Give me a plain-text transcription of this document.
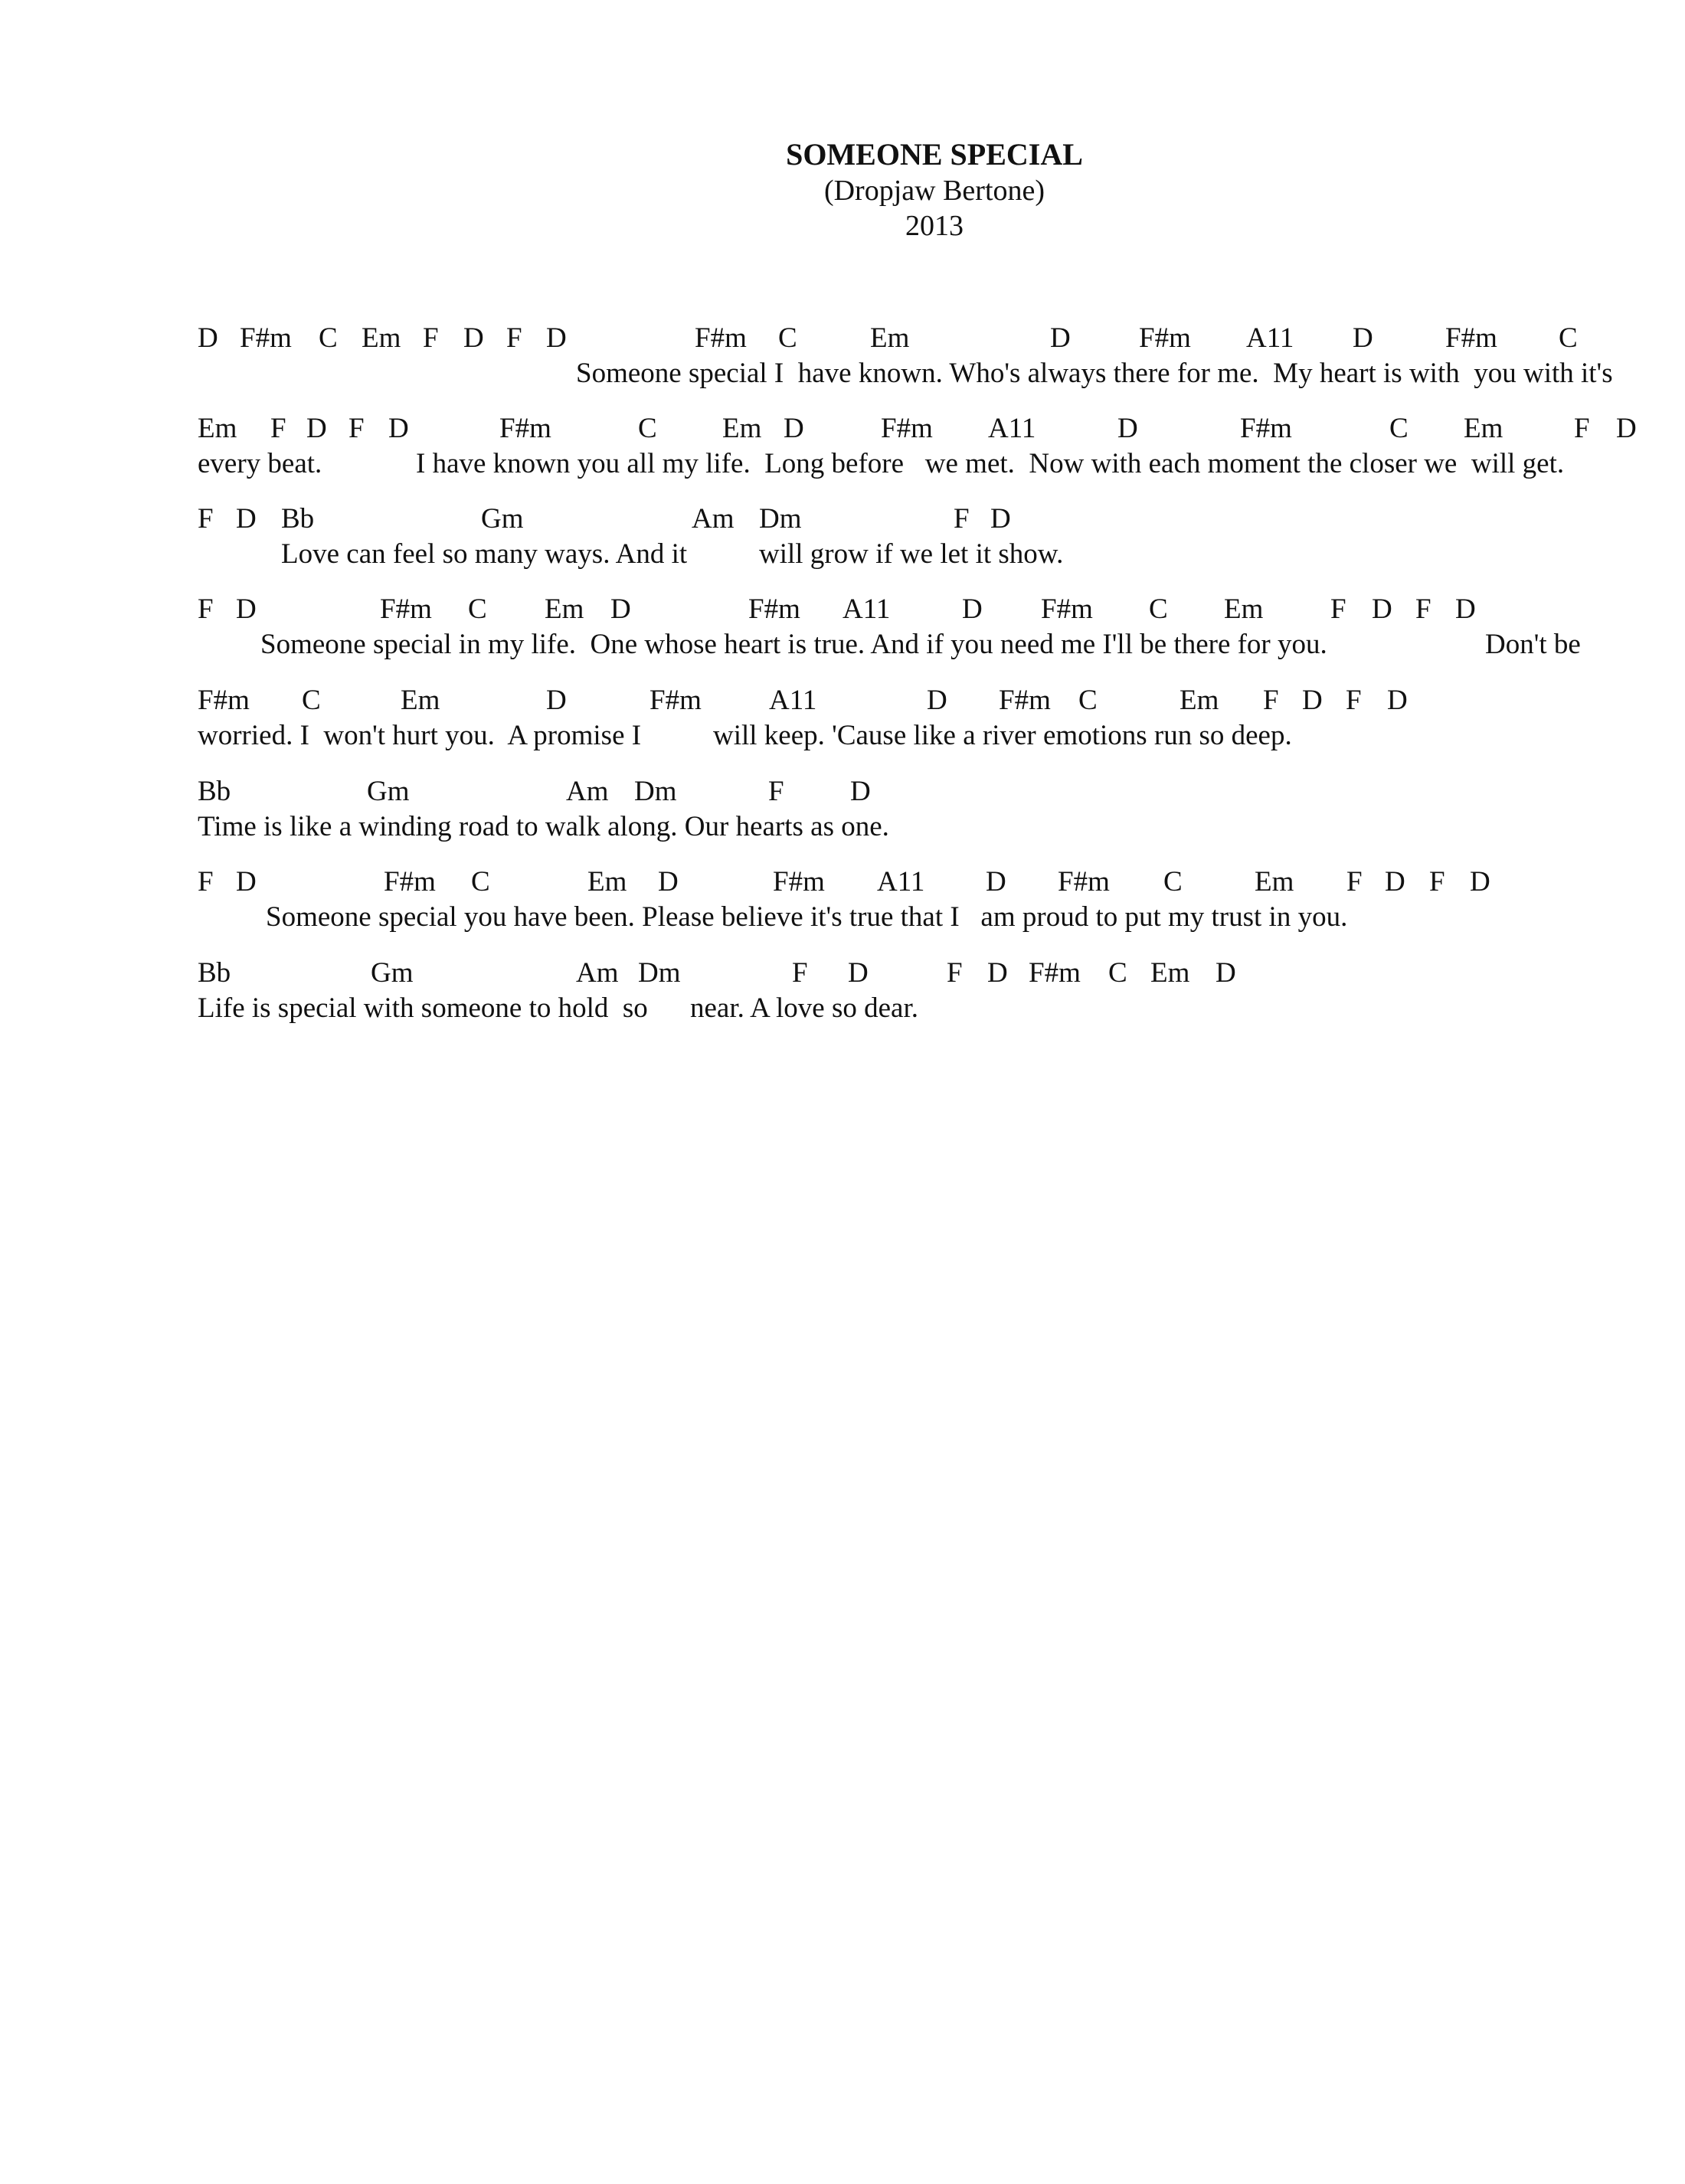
SOMEONE SPECIAL
(Dropjaw Bertone)
2013
D F#m C Em F D F D	F#m C	Em	D F#m A11 D	F#m C
Someone special I  have known. Who's always there for me.  My heart is with  you with it's
Em F D F D	F#m	C Em D	F#m A11	D	F#m	C Em	F D
every beat.	I have known you all my life.  Long before   we met.  Now with each moment the closer we  will get.
F D Bb	Gm	Am Dm	F D
Love can feel so many ways. And it	will grow if we let it show.
F D	F#m C Em D	F#m A11	D F#m C Em F D F D
Someone special in my life.  One whose heart is true. And if you need me I'll be there for you.	Don't be
F#m C	Em	D	F#m A11	D F#m C	Em F D F D
worried. I  won't hurt you.  A promise I	will keep. 'Cause like a river emotions run so deep.
Bb	Gm	Am Dm	F D
Time is like a winding road to walk along. Our hearts as one.
F D	F#m C	Em D	F#m A11 D F#m C	Em F D F D
Someone special you have been. Please believe it's true that I   am proud to put my trust in you.
Bb	Gm	Am Dm	F D	F D F#m C Em D
Life is special with someone to hold  so near. A love so dear.
